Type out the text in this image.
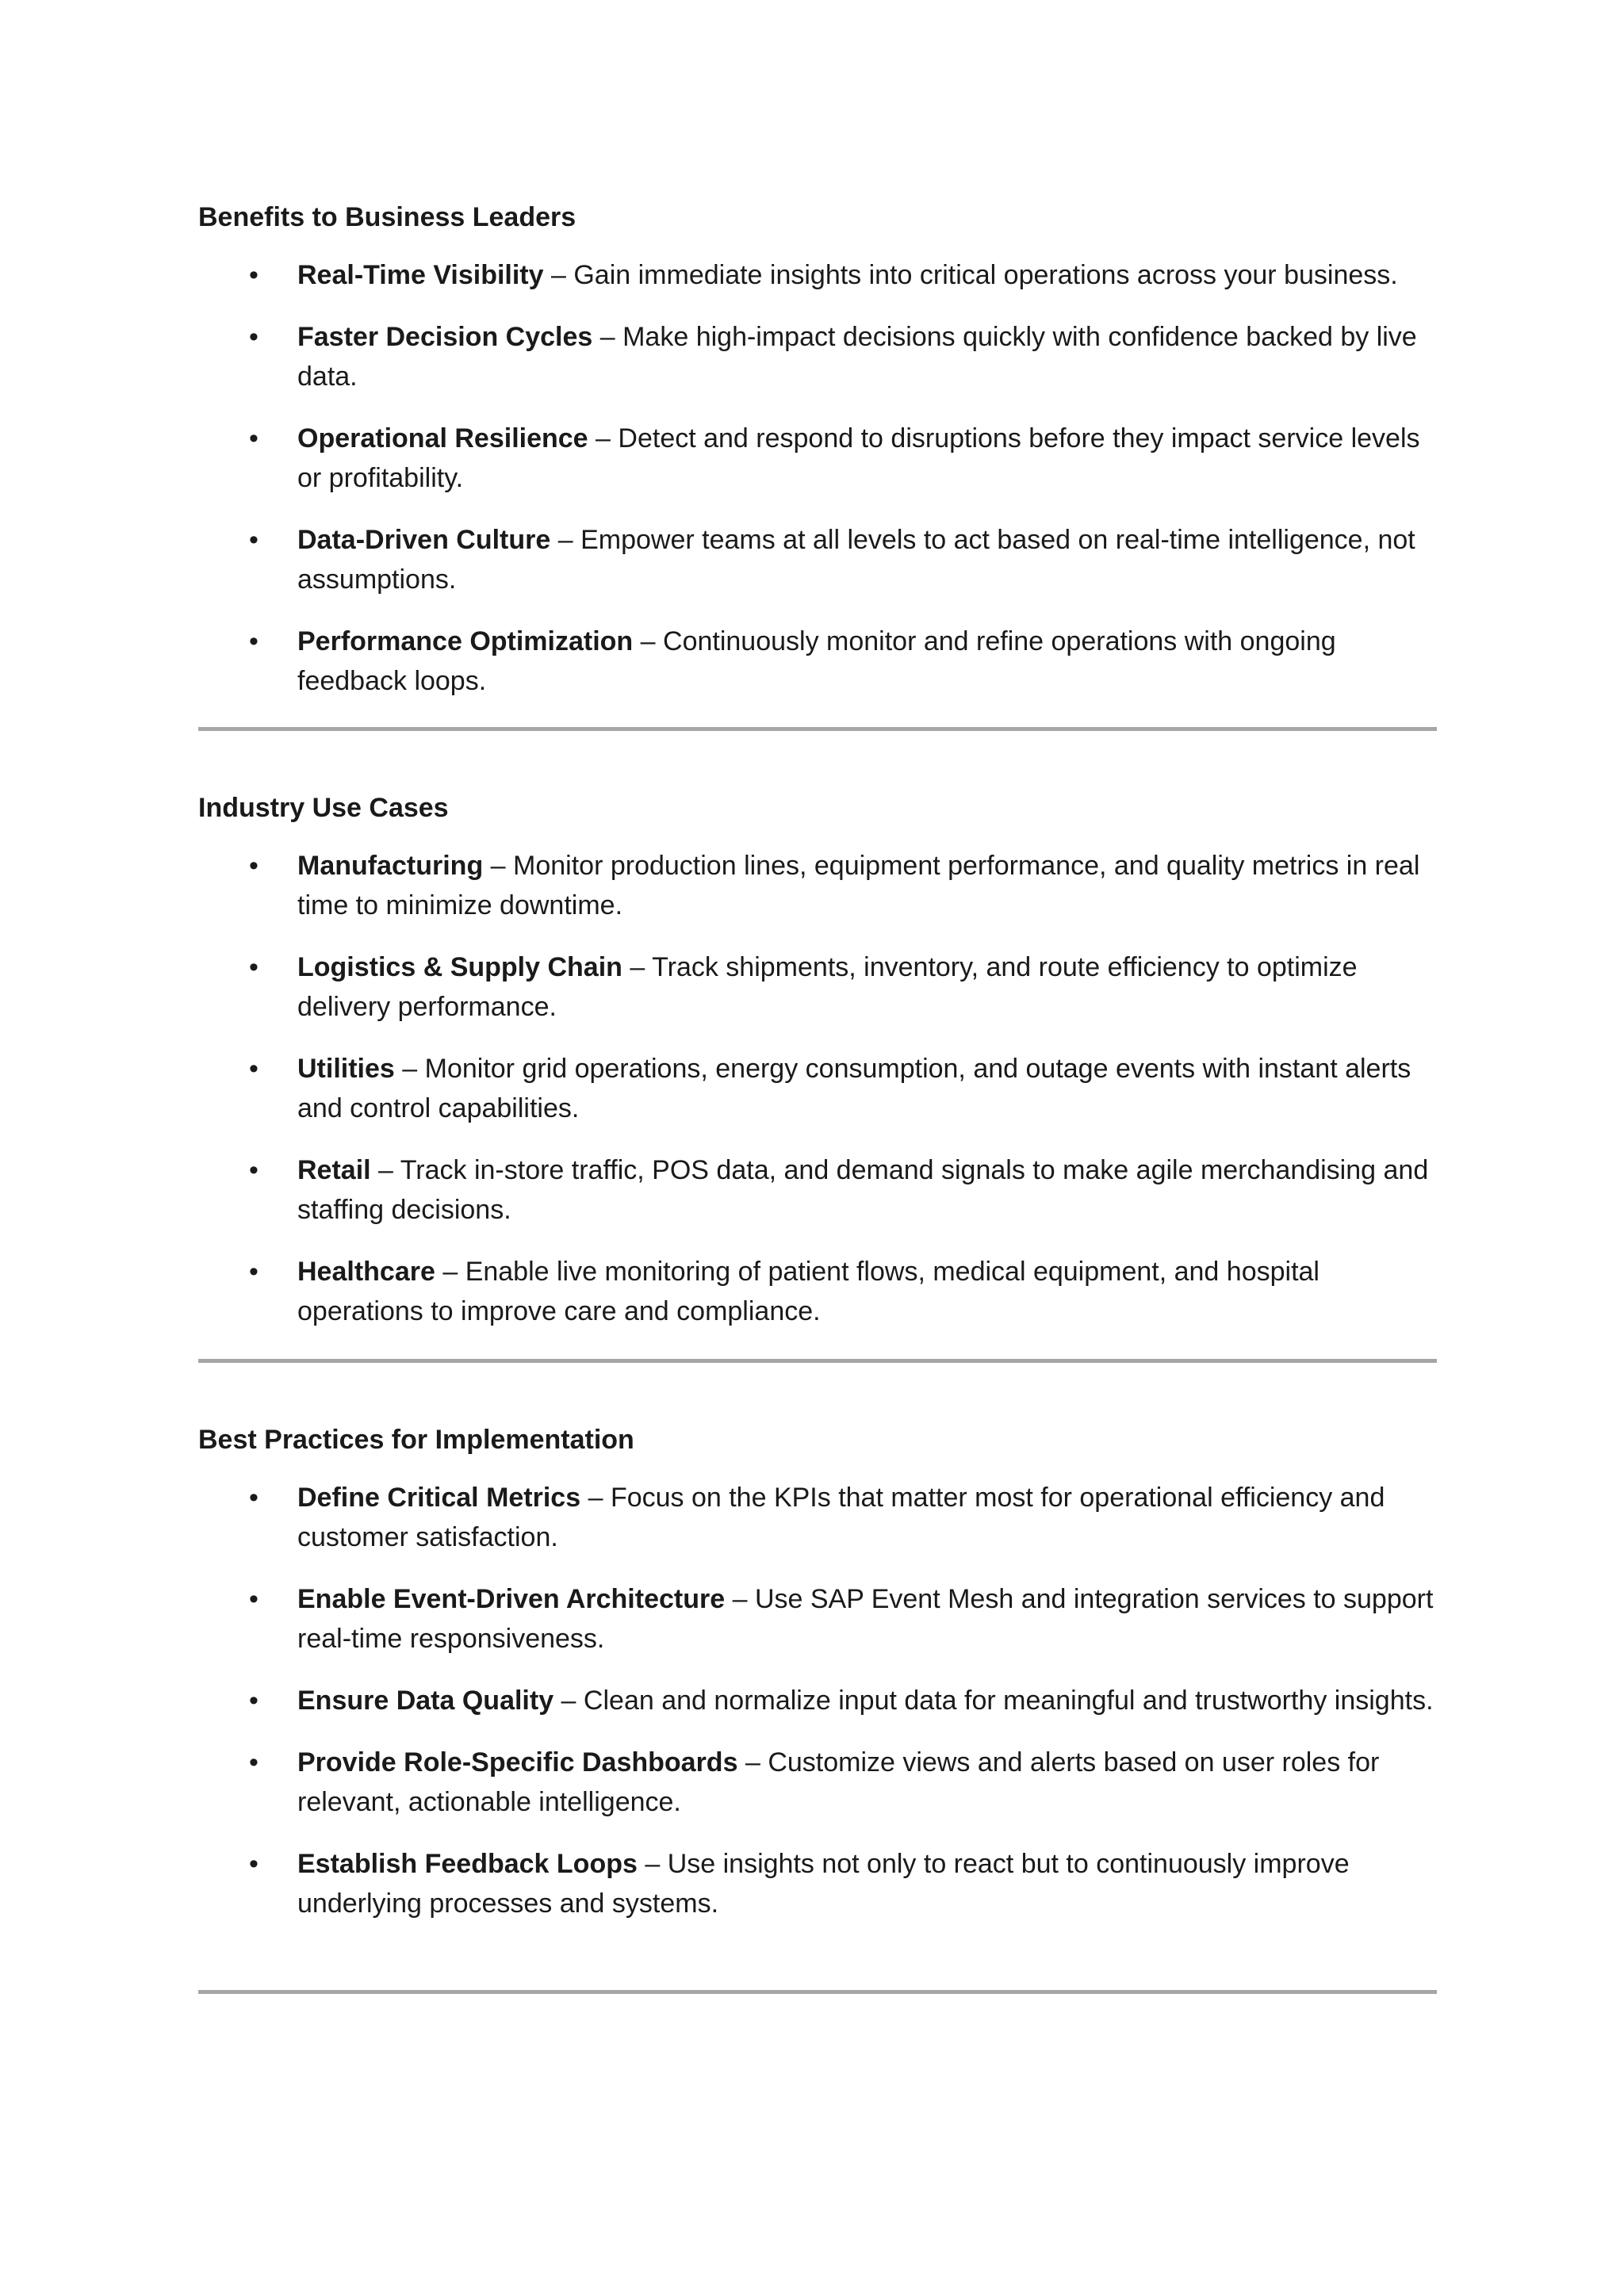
Benefits to Business Leaders
• Real-Time Visibility – Gain immediate insights into critical operations across your business.
• Faster Decision Cycles – Make high-impact decisions quickly with confidence backed by live data.
• Operational Resilience – Detect and respond to disruptions before they impact service levels or profitability.
• Data-Driven Culture – Empower teams at all levels to act based on real-time intelligence, not assumptions.
• Performance Optimization – Continuously monitor and refine operations with ongoing feedback loops.
Industry Use Cases
• Manufacturing – Monitor production lines, equipment performance, and quality metrics in real time to minimize downtime.
• Logistics & Supply Chain – Track shipments, inventory, and route efficiency to optimize delivery performance.
• Utilities – Monitor grid operations, energy consumption, and outage events with instant alerts and control capabilities.
• Retail – Track in-store traffic, POS data, and demand signals to make agile merchandising and staffing decisions.
• Healthcare – Enable live monitoring of patient flows, medical equipment, and hospital operations to improve care and compliance.
Best Practices for Implementation
• Define Critical Metrics – Focus on the KPIs that matter most for operational efficiency and customer satisfaction.
• Enable Event-Driven Architecture – Use SAP Event Mesh and integration services to support real-time responsiveness.
• Ensure Data Quality – Clean and normalize input data for meaningful and trustworthy insights.
• Provide Role-Specific Dashboards – Customize views and alerts based on user roles for relevant, actionable intelligence.
• Establish Feedback Loops – Use insights not only to react but to continuously improve underlying processes and systems.
